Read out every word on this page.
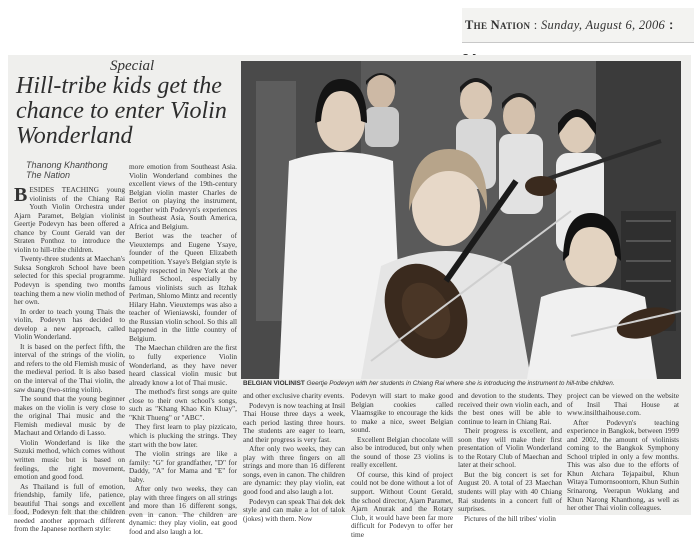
The Nation : Sunday, August 6, 2006 :
Special
Hill-tribe kids get the chance to enter Violin Wonderland
Thanong Khanthong
The Nation
B ESIDES TEACHING young violinists of the Chiang Rai Youth Violin Orchestra under Ajarn Paramet, Belgian violinist Geertje Podevyn has been offered a chance by Count Gerald van der Straten Ponthoz to introduce the violin to hill-tribe children.

Twenty-three students at Maechan's Suksa Songkroh School have been selected for this special programme. Podevyn is spending two months teaching them a new violin method of her own.

In order to teach young Thais the violin, Podevyn has decided to develop a new approach, called Violin Wonderland.

It is based on the perfect fifth, the interval of the strings of the violin, and refers to the old Flemish music of the medieval period. It is also based on the interval of the Thai violin, the saw duang (two-string violin).

The sound that the young beginner makes on the violin is very close to the original Thai music and the Flemish medieval music by de Machaut and Orlando di Lasso.

Violin Wonderland is like the Suzuki method, which comes without written music but is based on feelings, the right movement, emotion and good food.

As Thailand is full of emotion, friendship, family life, patience, beautiful Thai songs and excellent food, Podevyn felt that the children needed another approach different from the Japanese northern style:

more emotion from Southeast Asia. Violin Wonderland combines the excellent views of the 19th-century Belgian violin master Charles de Beriot on playing the instrument, together with Podevyn's experiences in Southeast Asia, South America, Africa and Belgium.

Beriot was the teacher of Vieuxtemps and Eugene Ysaye, founder of the Queen Elizabeth competition. Ysaye's Belgian style is highly respected in New York at the Julliard School, especially by famous violinists such as Itzhak Perlman, Shlomo Mintz and recently Hilary Hahn. Vieuxtemps was also a teacher of Wieniawski, founder of the Russian violin school. So this all happened in the little country of Belgium.

The Maechan children are the first to fully experience Violin Wonderland, as they have never heard classical violin music but already know a lot of Thai music.

The method's first songs are quite close to their own school's songs, such as "Khang Khao Kin Kluay", "Khit Thueng" or "ABC".

They first learn to play pizzicato, which is plucking the strings. They start with the bow later.

The violin strings are like a family: "G" for grandfather, "D" for Daddy, "A" for Mama and "E" for baby.

After only two weeks, they can play with three fingers on all strings and more than 16 different songs, even in canon. The children are dynamic: they play violin, eat good food and also laugh a lot.

BELGIAN VIOLINIST Geertje Podevyn with her students in Chiang Rai where she is introducing the instrument to hill-tribe children.

and other exclusive charity events.

Podevyn is now teaching at Insil Thai House three days a week, each period lasting three hours. The students are eager to learn, and their progress is very fast.

After only two weeks, they can play with three fingers on all strings and more than 16 different songs, even in canon. The children are dynamic: they play violin, eat good food and also laugh a lot.

Podevyn can speak Thai dek dek style and can make a lot of talok (jokes) with them. Now

Podevyn will start to make good Belgian cookies called Vlaamsgike to encourage the kids to make a nice, sweet Belgian sound.

Excellent Belgian chocolate will also be introduced, but only when the sound of those 23 violins is really excellent.

Of course, this kind of project could not be done without a lot of support. Without Count Gerald, the school director, Ajarn Paramet, Ajarn Anurak and the Rotary Club, it would have been far more difficult for Podevyn to offer her time

and devotion to the students. They received their own violin each, and the best ones will be able to continue to learn in Chiang Rai.

Their progress is excellent, and soon they will make their first presentation of Violin Wonderland to the Rotary Club of Maechan and later at their school.

But the big concert is set for August 20. A total of 23 Maechan students will play with 40 Chiang Rai students in a concert full of surprises.

Pictures of the hill tribes' violin

project can be viewed on the website of Insil Thai House at www.insilthaihouse.com.

After Podevyn's teaching experience in Bangkok, between 1999 and 2002, the amount of violinists coming to the Bangkok Symphony School tripled in only a few months. This was also due to the efforts of Khun Atchara Tejapaibul, Khun Witaya Tumornsoontorn, Khun Suthin Srinarong, Veerapun Woklang and Khun Narong Khanthong, as well as her other Thai violin colleagues.
